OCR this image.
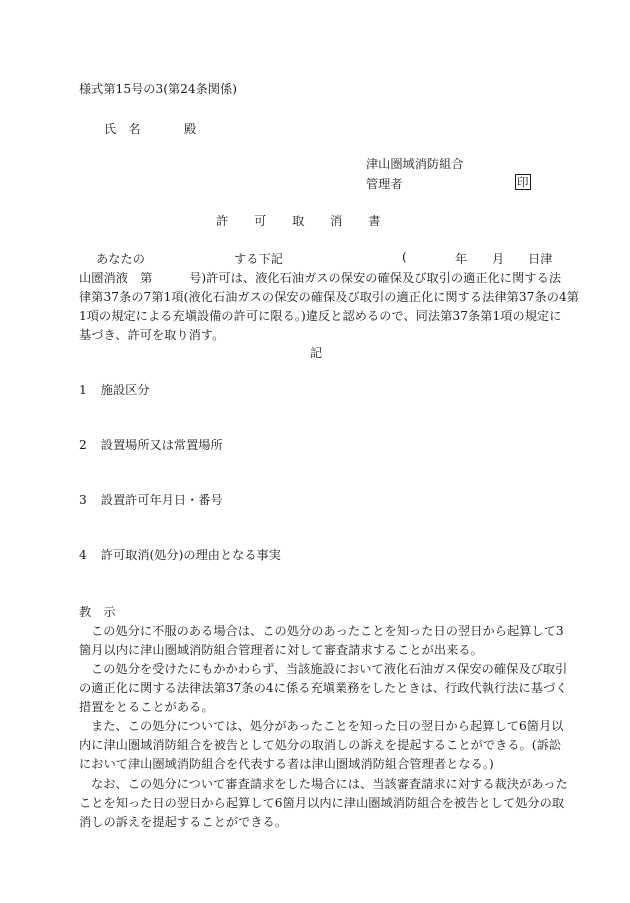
様式第15号の3(第24条関係)
氏　名	殿
津山圏域消防組合
管理者	印
許　　可　　取　　消　　書
あなたの	する下記	(	年 月 日津
山圏消液　第　　　号)許可は、液化石油ガスの保安の確保及び取引の適正化に関する法
律第37条の7第1項(液化石油ガスの保安の確保及び取引の適正化に関する法律第37条の4第
1項の規定による充塡設備の許可に限る。)違反と認めるので、同法第37条第1項の規定に
基づき、許可を取り消す。
記
1 施設区分
2 設置場所又は常置場所
3 設置許可年月日・番号
4 許可取消(処分)の理由となる事実
教　示
この処分に不服のある場合は、この処分のあったことを知った日の翌日から起算して3
箇月以内に津山圏域消防組合管理者に対して審査請求することが出来る。
この処分を受けたにもかかわらず、当該施設において液化石油ガス保安の確保及び取引
の適正化に関する法律法第37条の4に係る充塡業務をしたときは、行政代執行法に基づく
措置をとることがある。
また、この処分については、処分があったことを知った日の翌日から起算して6箇月以
内に津山圏域消防組合を被告として処分の取消しの訴えを提起することができる。(訴訟
において津山圏域消防組合を代表する者は津山圏域消防組合管理者となる。)
なお、この処分について審査請求をした場合には、当該審査請求に対する裁決があった
ことを知った日の翌日から起算して6箇月以内に津山圏域消防組合を被告として処分の取
消しの訴えを提起することができる。
